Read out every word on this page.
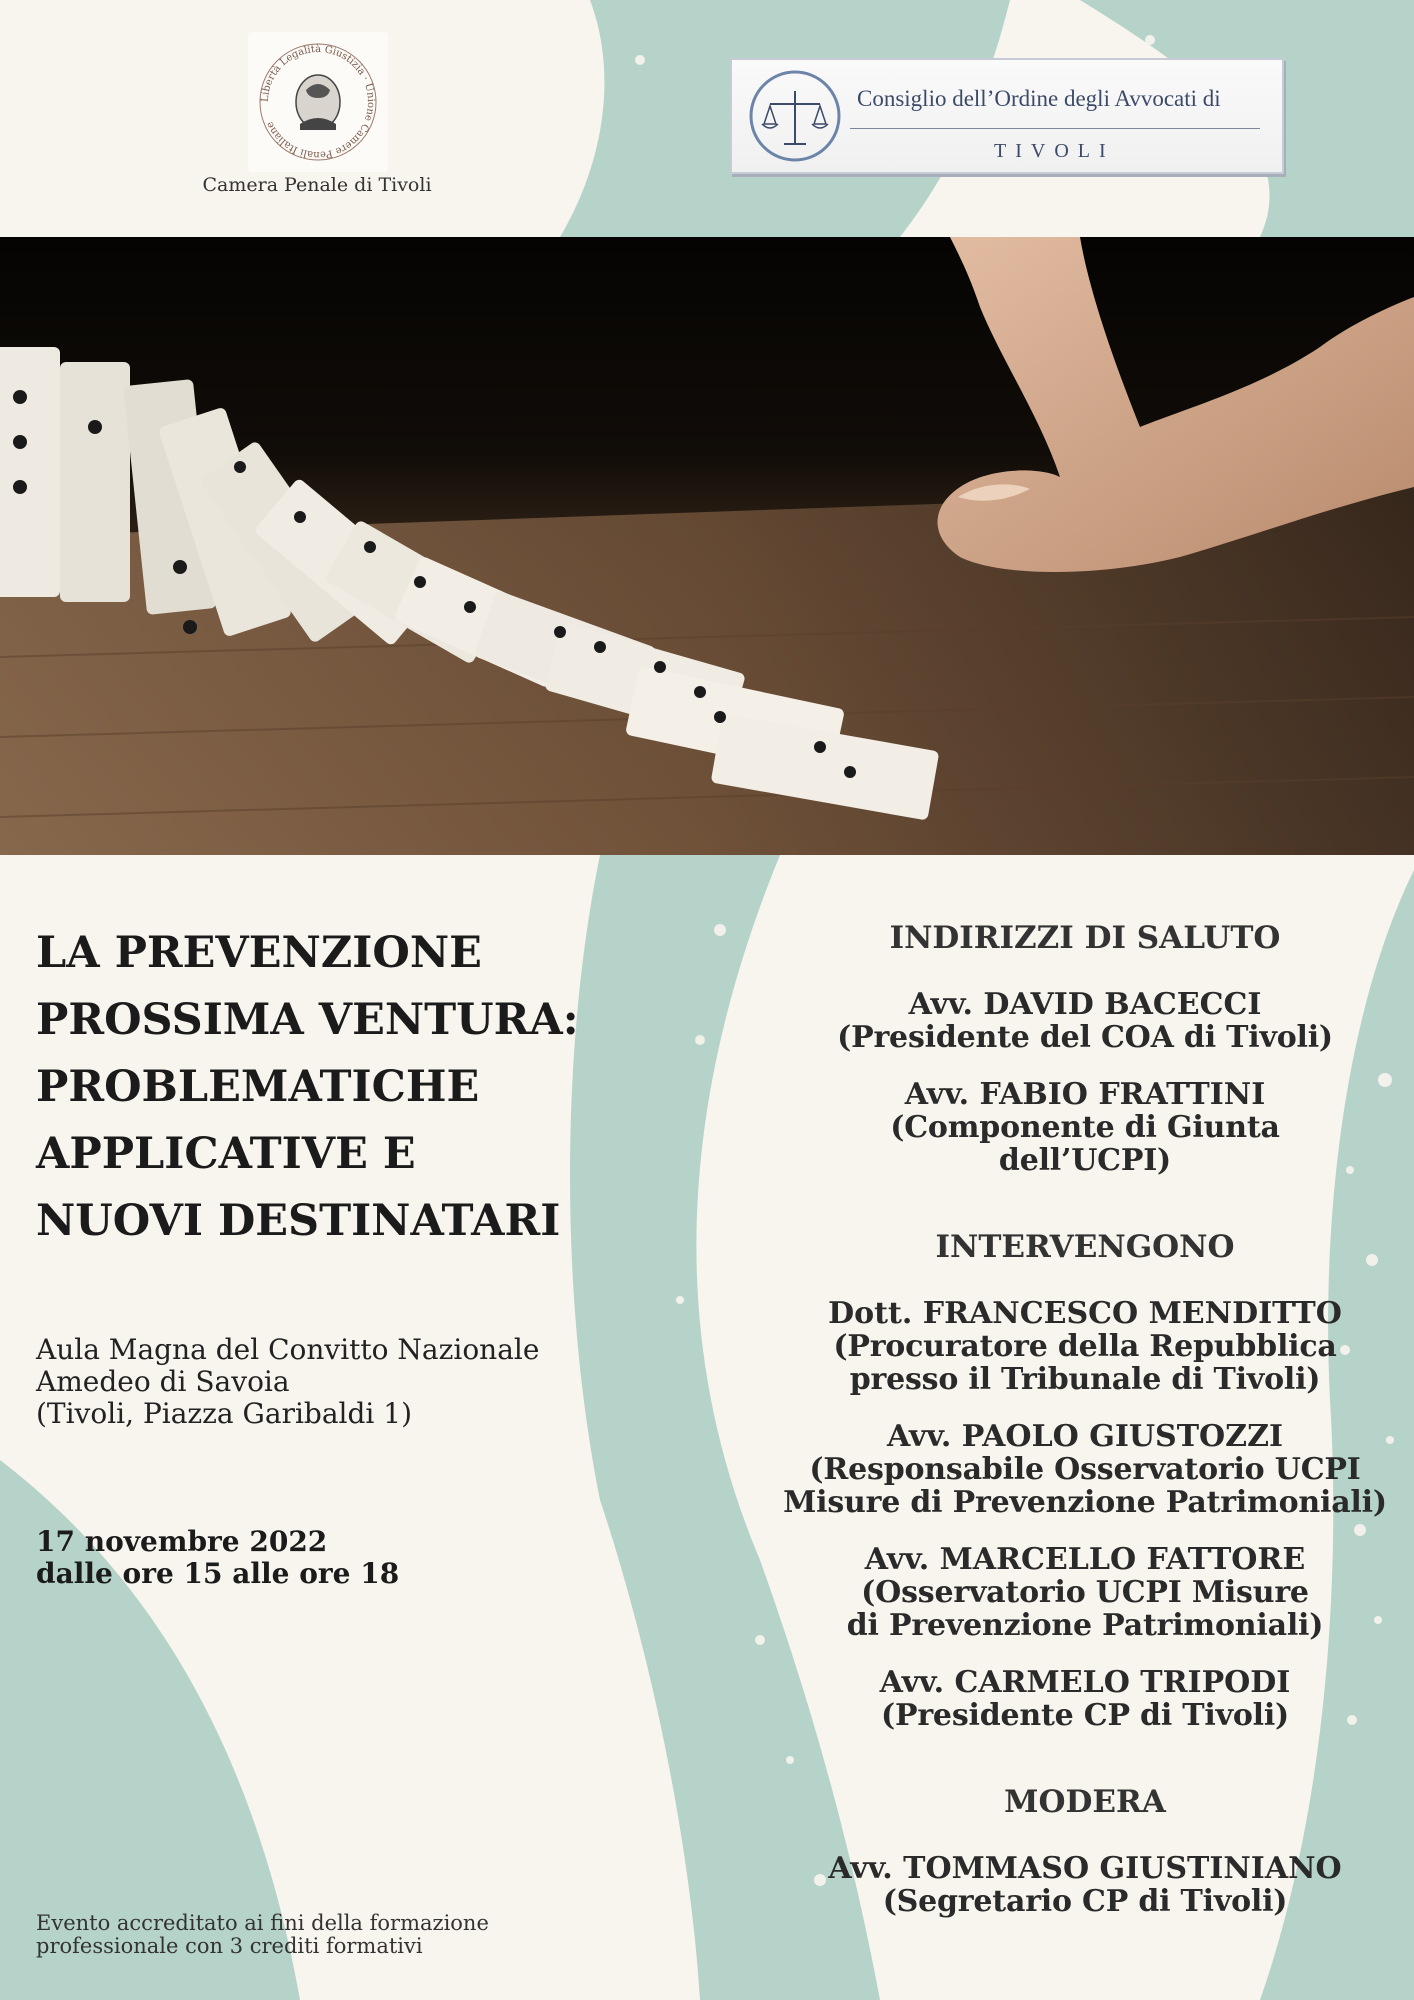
Libertà Legalità Giustizia · Unione Camere Penali Italiane
Camera Penale di Tivoli
Consiglio dell’Ordine degli Avvocati di
TIVOLI
LA PREVENZIONE
PROSSIMA VENTURA:
PROBLEMATICHE
APPLICATIVE E
NUOVI DESTINATARI
Aula Magna del Convitto Nazionale
Amedeo di Savoia
(Tivoli, Piazza Garibaldi 1)
17 novembre 2022
dalle ore 15 alle ore 18
Evento accreditato ai fini della formazione
professionale con 3 crediti formativi
INDIRIZZI DI SALUTO
Avv. DAVID BACECCI
(Presidente del COA di Tivoli)
Avv. FABIO FRATTINI
(Componente di Giunta
dell’UCPI)
INTERVENGONO
Dott. FRANCESCO MENDITTO
(Procuratore della Repubblica
presso il Tribunale di Tivoli)
Avv. PAOLO GIUSTOZZI
(Responsabile Osservatorio UCPI
Misure di Prevenzione Patrimoniali)
Avv. MARCELLO FATTORE
(Osservatorio UCPI Misure
di Prevenzione Patrimoniali)
Avv. CARMELO TRIPODI
(Presidente CP di Tivoli)
MODERA
Avv. TOMMASO GIUSTINIANO
(Segretario CP di Tivoli)
